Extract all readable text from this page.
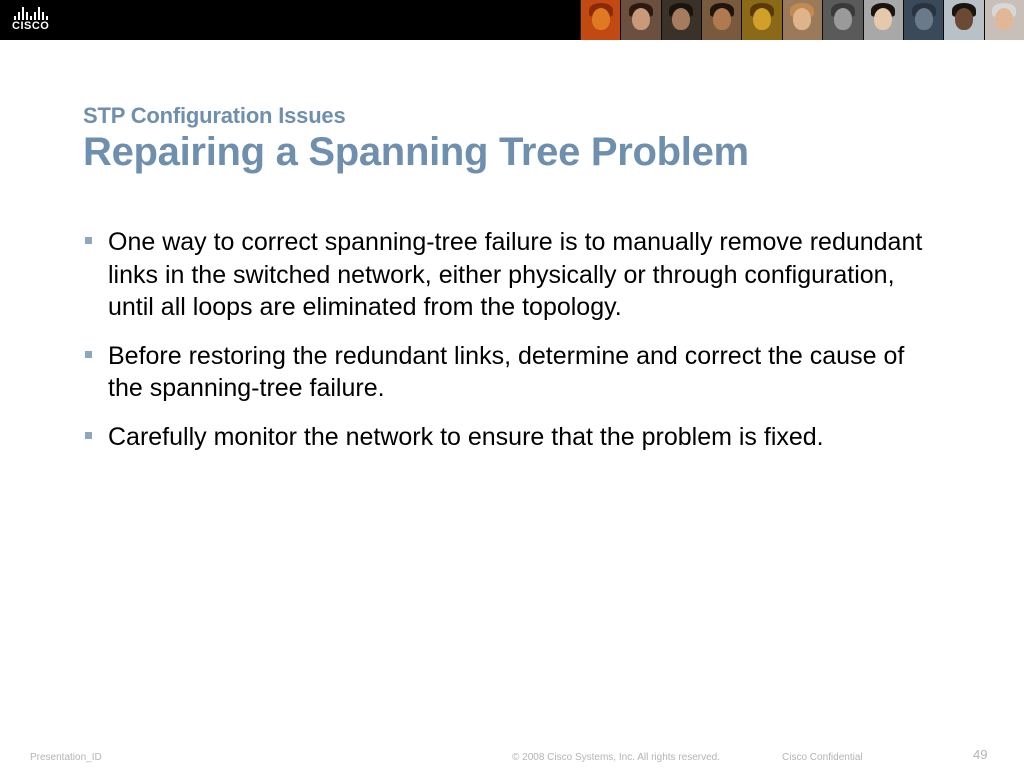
CISCO
STP Configuration Issues
Repairing a Spanning Tree Problem
One way to correct spanning-tree failure is to manually remove redundant links in the switched network, either physically or through configuration, until all loops are eliminated from the topology.
Before restoring the redundant links, determine and correct the cause of the spanning-tree failure.
Carefully monitor the network to ensure that the problem is fixed.
Presentation_ID	© 2008 Cisco Systems, Inc. All rights reserved.	Cisco Confidential	49
